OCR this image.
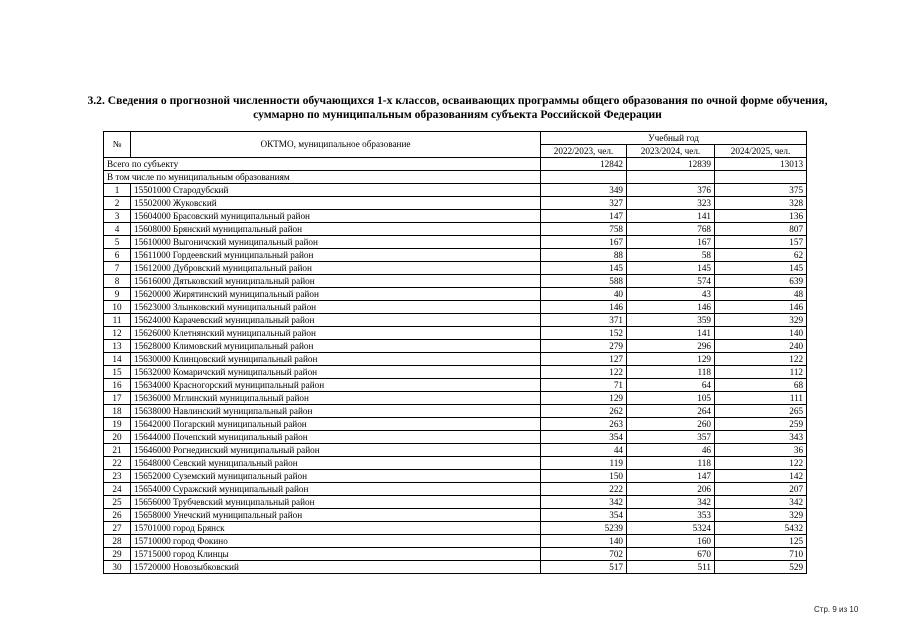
3.2. Сведения о прогнозной численности обучающихся 1-х классов, осваивающих программы общего образования по очной форме обучения,
суммарно по муниципальным образованиям субъекта Российской Федерации
№	ОКТМО, муниципальное образование	Учебный год		
		2022/2023, чел.	2023/2024, чел.	2024/2025, чел.
Всего по субъекту		12842	12839	13013
В том числе по муниципальным образованиям				
1	15501000 Стародубский	349	376	375
2	15502000 Жуковский	327	323	328
3	15604000 Брасовский муниципальный район	147	141	136
4	15608000 Брянский муниципальный район	758	768	807
5	15610000 Выгоничский муниципальный район	167	167	157
6	15611000 Гордеевский муниципальный район	88	58	62
7	15612000 Дубровский муниципальный район	145	145	145
8	15616000 Дятьковский муниципальный район	588	574	639
9	15620000 Жирятинский муниципальный район	40	43	48
10	15623000 Злынковский муниципальный район	146	146	146
11	15624000 Карачевский муниципальный район	371	359	329
12	15626000 Клетнянский муниципальный район	152	141	140
13	15628000 Климовский муниципальный район	279	296	240
14	15630000 Клинцовский муниципальный район	127	129	122
15	15632000 Комаричский муниципальный район	122	118	112
16	15634000 Красногорский муниципальный район	71	64	68
17	15636000 Мглинский муниципальный район	129	105	111
18	15638000 Навлинский муниципальный район	262	264	265
19	15642000 Погарский муниципальный район	263	260	259
20	15644000 Почепский муниципальный район	354	357	343
21	15646000 Рогнединский муниципальный район	44	46	36
22	15648000 Севский муниципальный район	119	118	122
23	15652000 Суземский муниципальный район	150	147	142
24	15654000 Суражский муниципальный район	222	206	207
25	15656000 Трубчевский муниципальный район	342	342	342
26	15658000 Унечский муниципальный район	354	353	329
27	15701000 город Брянск	5239	5324	5432
28	15710000 город Фокино	140	160	125
29	15715000 город Клинцы	702	670	710
30	15720000 Новозыбковский	517	511	529
Стр. 9 из 10
